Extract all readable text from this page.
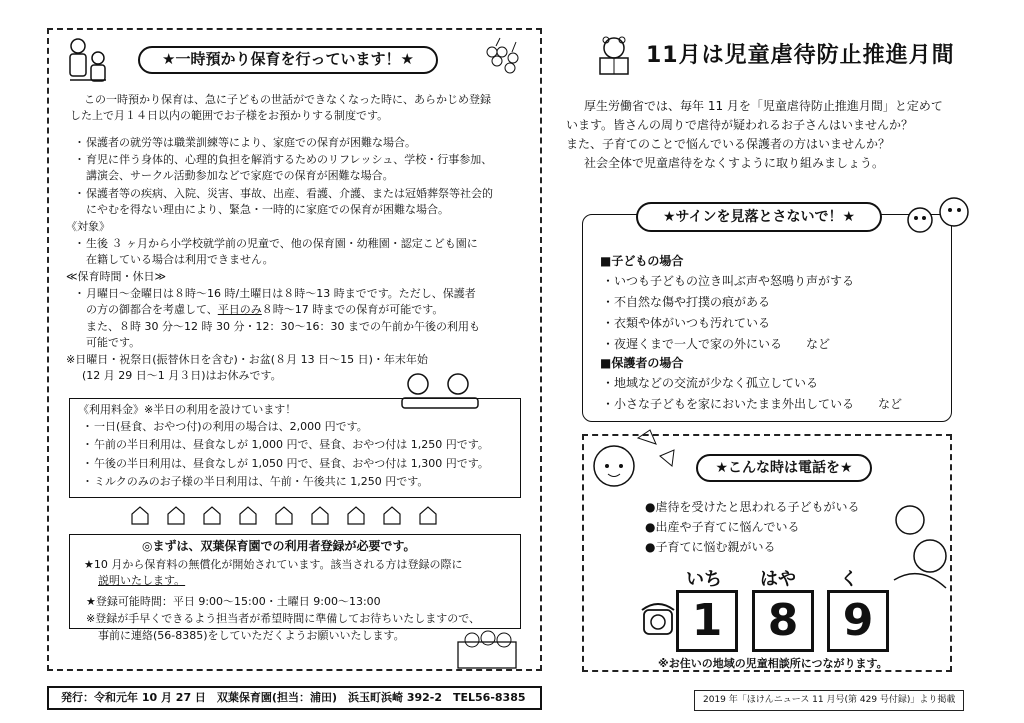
★一時預かり保育を行っています！★
この一時預かり保育は、急に子どもの世話ができなくなった時に、あらかじめ登録
した上で月１４日以内の範囲でお子様をお預かりする制度です。
・ 保護者の就労等は職業訓練等により、家庭での保育が困難な場合。
・ 育児に伴う身体的、心理的負担を解消するためのリフレッシュ、学校・行事参加、
講演会、サークル活動参加などで家庭での保育が困難な場合。
・ 保護者等の疾病、入院、災害、事故、出産、看護、介護、または冠婚葬祭等社会的
にやむを得ない理由により、緊急・一時的に家庭での保育が困難な場合。
《対象》
・ 生後 ３ ヶ月から小学校就学前の児童で、他の保育園・幼稚園・認定こども園に
在籍している場合は利用できません。
≪保育時間・休日≫
・ 月曜日〜金曜日は８時〜16 時/土曜日は８時〜13 時までです。ただし、保護者
の方の御都合を考慮して、平日のみ８時〜17 時までの保育が可能です。
また、８時 30 分〜12 時 30 分・12：30〜16：30 までの午前か午後の利用も
可能です。
※日曜日・祝祭日(振替休日を含む)・お盆(８月 13 日〜15 日)・年末年始
(12 月 29 日〜1 月３日)はお休みです。
《利用料金》※半日の利用を設けています！
・ 一日(昼食、おやつ付)の利用の場合は、2,000 円です。
・ 午前の半日利用は、昼食なしが 1,000 円で、昼食、おやつ付は 1,250 円です。
・ 午後の半日利用は、昼食なしが 1,050 円で、昼食、おやつ付は 1,300 円です。
・ ミルクのみのお子様の半日利用は、午前・午後共に 1,250 円です。
◎まずは、双葉保育園での利用者登録が必要です。
★10 月から保育料の無償化が開始されています。該当される方は登録の際に
説明いたします。
★登録可能時間：平日 9:00〜15:00・土曜日 9:00〜13:00
※登録が手早くできるよう担当者が希望時間に準備してお待ちいたしますので、
事前に連絡(56-8385)をしていただくようお願いいたします。
11月は児童虐待防止推進月間
厚生労働省では、毎年 11 月を「児童虐待防止推進月間」と定めて
います。皆さんの周りで虐待が疑われるお子さんはいませんか？
また、子育てのことで悩んでいる保護者の方はいませんか？
社会全体で児童虐待をなくすように取り組みましょう。
★サインを見落とさないで！★
■子どもの場合
・ いつも子どもの泣き叫ぶ声や怒鳴り声がする
・ 不自然な傷や打撲の痕がある
・ 衣類や体がいつも汚れている
・ 夜遅くまで一人で家の外にいる　　など
■保護者の場合
・ 地域などの交流が少なく孤立している
・ 小さな子どもを家においたまま外出している　　など
★こんな時は電話を★
●虐待を受けたと思われる子どもがいる
●出産や子育てに悩んでいる
●子育てに悩む親がいる
いち はや く
1	8	9
※お住いの地域の児童相談所につながります。
発行：令和元年 10 月 27 日　双葉保育園(担当：浦田)　浜玉町浜崎 392-2　TEL56-8385	2019 年「ほけんニュース 11 月号(第 429 号付録)」より掲載
